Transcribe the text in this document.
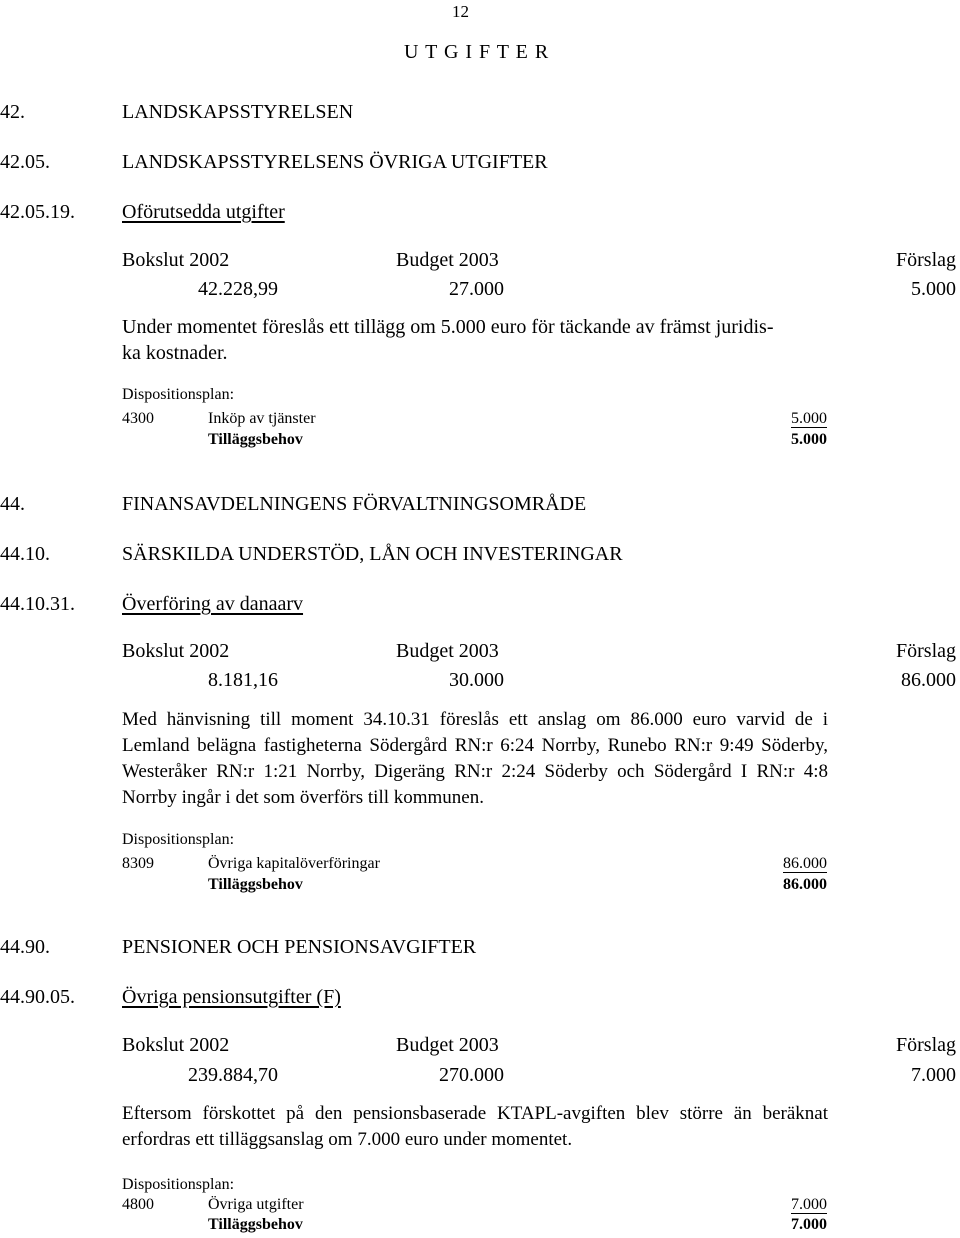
12
U T G I F T E R
42.	LANDSKAPSSTYRELSEN
42.05.	LANDSKAPSSTYRELSENS ÖVRIGA UTGIFTER
42.05.19. Oförutsedda utgifter
Bokslut 2002	Budget 2003	Förslag
42.228,99	27.000	5.000
Under momentet föreslås ett tillägg om 5.000 euro för täckande av främst juridis-
ka kostnader.
Dispositionsplan:
4300	Inköp av tjänster	5.000
Tilläggsbehov	5.000
44.	FINANSAVDELNINGENS FÖRVALTNINGSOMRÅDE
44.10.	SÄRSKILDA UNDERSTÖD, LÅN OCH INVESTERINGAR
44.10.31. Överföring av danaarv
Bokslut 2002	Budget 2003	Förslag
8.181,16	30.000	86.000
Med hänvisning till moment 34.10.31 föreslås ett anslag om 86.000 euro varvid de i Lemland belägna fastigheterna Södergård RN:r 6:24 Norrby, Runebo RN:r 9:49 Söderby, Westeråker RN:r 1:21 Norrby, Digeräng RN:r 2:24 Söderby och Södergård I RN:r 4:8 Norrby ingår i det som överförs till kommunen.
Dispositionsplan:
8309	Övriga kapitalöverföringar	86.000
Tilläggsbehov	86.000
44.90.	PENSIONER OCH PENSIONSAVGIFTER
44.90.05. Övriga pensionsutgifter (F)
Bokslut 2002	Budget 2003	Förslag
239.884,70	270.000	7.000
Eftersom förskottet på den pensionsbaserade KTAPL-avgiften blev större än beräknat erfordras ett tilläggsanslag om 7.000 euro under momentet.
Dispositionsplan:
4800	Övriga utgifter	7.000
Tilläggsbehov	7.000
